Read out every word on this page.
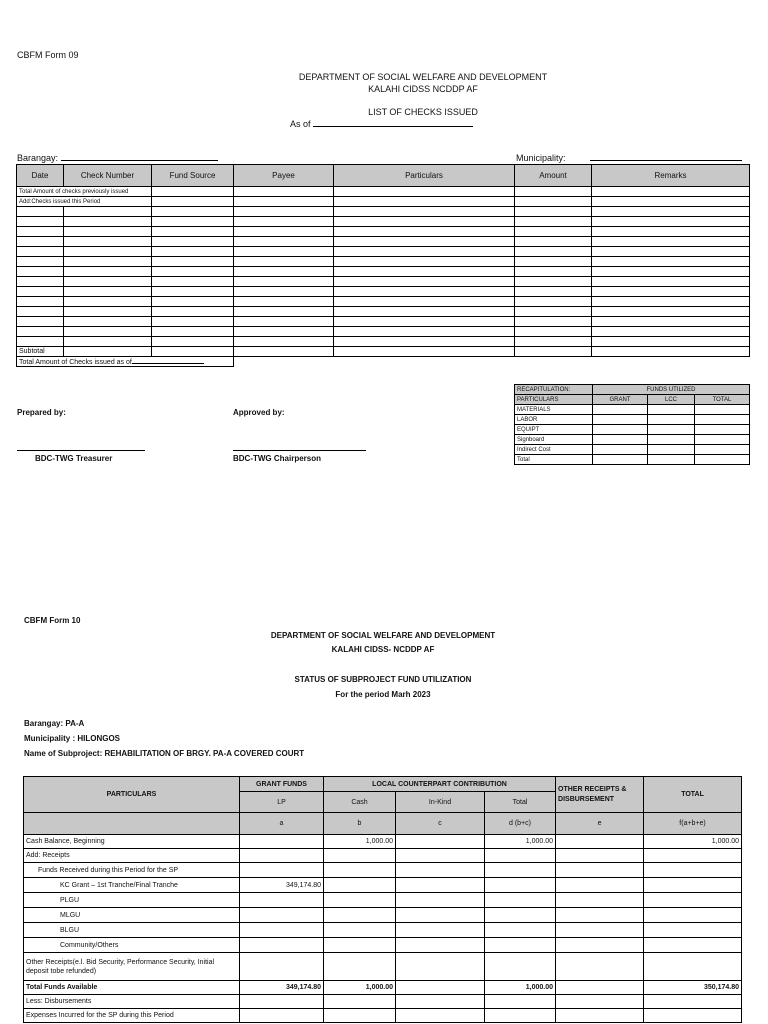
CBFM Form 09
DEPARTMENT OF SOCIAL WELFARE AND DEVELOPMENT
KALAHI CIDSS NCDDP AF
LIST OF CHECKS ISSUED
As of
Barangay:	Municipality:
Date	Check Number	Fund Source	Payee	Particulars	Amount	Remarks
Total Amount of checks previously issued						
Add:Checks issued this Period						

Subtotal						
Total Amount of Checks issued as of						
Prepared by:	Approved by:
BDC-TWG Treasurer	BDC-TWG Chairperson
RECAPITULATION:	FUNDS UTILIZED		
PARTICULARS	GRANT	LCC	TOTAL
MATERIALS			
LABOR			
EQUIPT			
Signboard			
Indirect Cost			
Total			
CBFM Form 10
DEPARTMENT OF SOCIAL WELFARE AND DEVELOPMENT
KALAHI CIDSS- NCDDP AF
STATUS OF SUBPROJECT FUND UTILIZATION
For the period Marh 2023
Barangay: PA-A
Municipality : HILONGOS
Name of Subproject: REHABILITATION OF BRGY. PA-A COVERED COURT
PARTICULARS	GRANT FUNDS	LOCAL COUNTERPART CONTRIBUTION			OTHER RECEIPTS & DISBURSEMENT	TOTAL
	LP	Cash	In-Kind	Total		
	a	b	c	d (b+c)	e	f(a+b+e)
Cash Balance, Beginning		1,000.00		1,000.00		1,000.00
Add: Receipts						
Funds Received during this Period for the SP						
KC Grant – 1st Tranche/Final Tranche	349,174.80					
PLGU						
MLGU						
BLGU						
Community/Others						
Other Receipts(e.l. Bid Security, Performance Security, Initial deposit tobe refunded)						
Total Funds Available	349,174.80	1,000.00		1,000.00		350,174.80
Less: Disbursements						
Expenses Incurred for the SP during this Period						
